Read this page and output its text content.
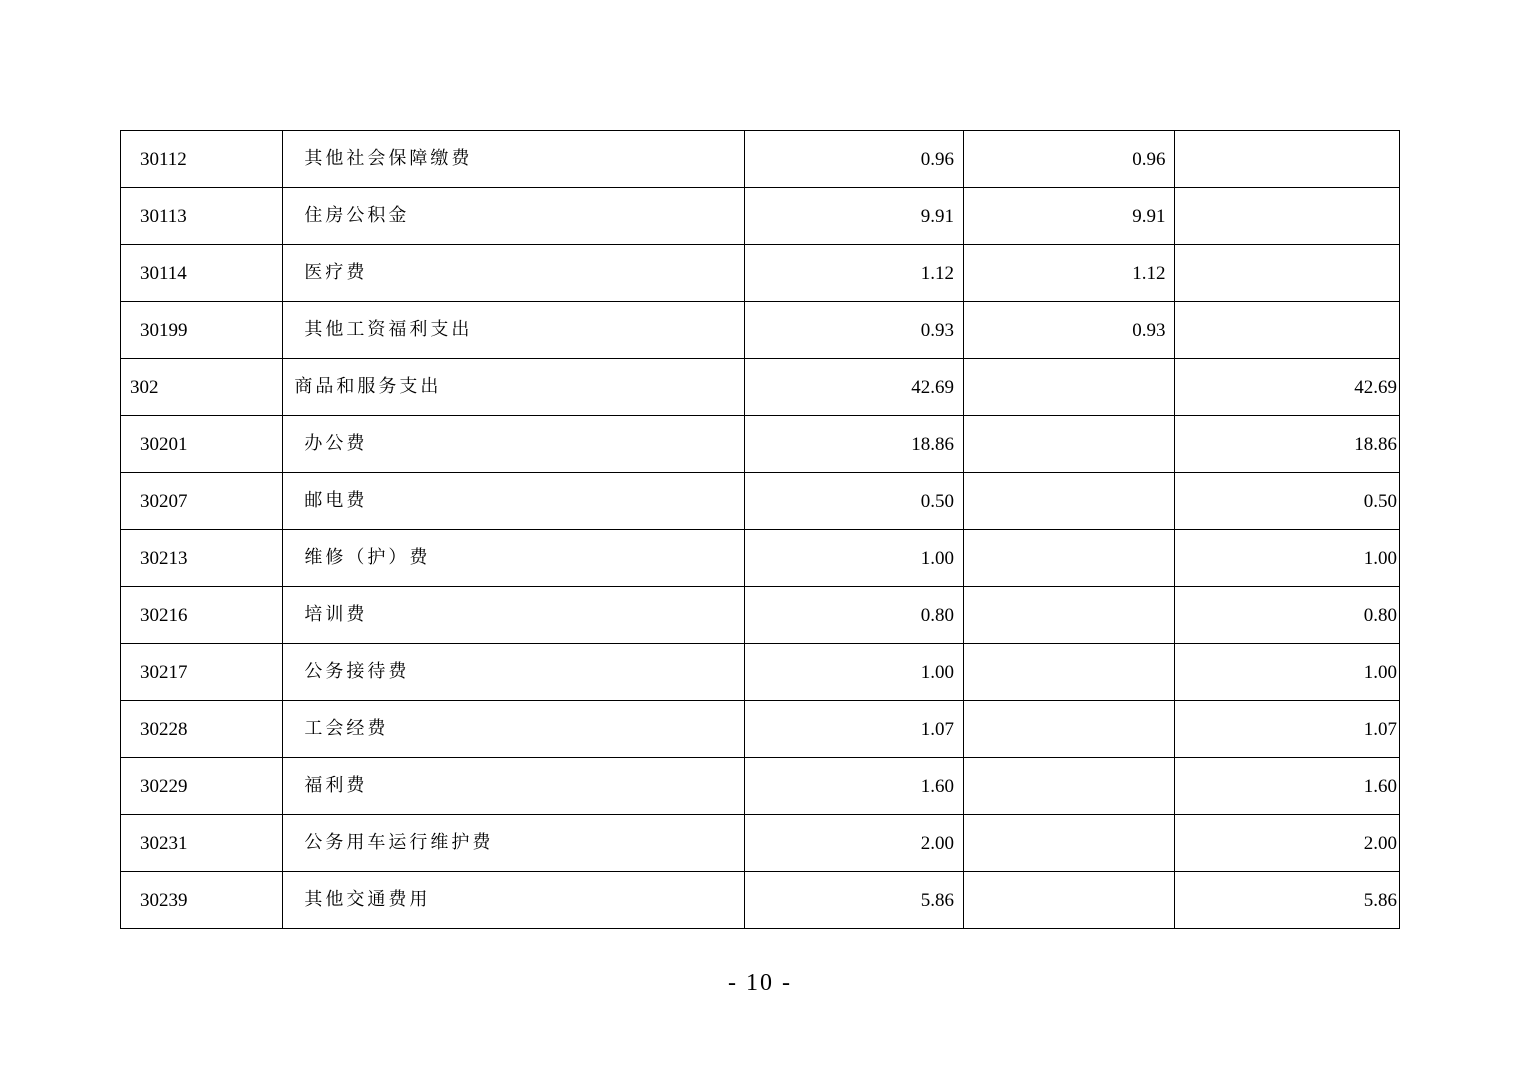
30112	其他社会保障缴费	0.96	0.96	
30113	住房公积金	9.91	9.91	
30114	医疗费	1.12	1.12	
30199	其他工资福利支出	0.93	0.93	
302	商品和服务支出	42.69		42.69
30201	办公费	18.86		18.86
30207	邮电费	0.50		0.50
30213	维修（护）费	1.00		1.00
30216	培训费	0.80		0.80
30217	公务接待费	1.00		1.00
30228	工会经费	1.07		1.07
30229	福利费	1.60		1.60
30231	公务用车运行维护费	2.00		2.00
30239	其他交通费用	5.86		5.86
- 10 -
